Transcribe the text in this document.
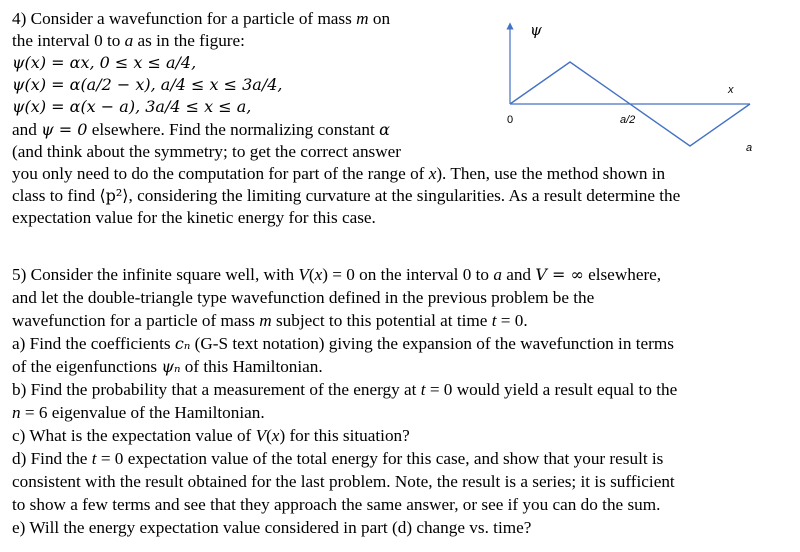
4) Consider a wavefunction for a particle of mass m on
the interval 0 to a as in the figure:
ψ(x) = αx, 0 ≤ x ≤ a/4,
ψ(x) = α(a/2 − x), a/4 ≤ x ≤ 3a/4,
ψ(x) = α(x − a), 3a/4 ≤ x ≤ a,
and ψ = 0 elsewhere. Find the normalizing constant α
(and think about the symmetry; to get the correct answer
you only need to do the computation for part of the range of x). Then, use the method shown in
class to find ⟨p²⟩, considering the limiting curvature at the singularities. As a result determine the
expectation value for the kinetic energy for this case.
ψ
x
0	a/2
a
5) Consider the infinite square well, with V(x) = 0 on the interval 0 to a and V = ∞ elsewhere,
and let the double-triangle type wavefunction defined in the previous problem be the
wavefunction for a particle of mass m subject to this potential at time t = 0.
a) Find the coefficients cₙ (G-S text notation) giving the expansion of the wavefunction in terms
of the eigenfunctions ψₙ of this Hamiltonian.
b) Find the probability that a measurement of the energy at t = 0 would yield a result equal to the
n = 6 eigenvalue of the Hamiltonian.
c) What is the expectation value of V(x) for this situation?
d) Find the t = 0 expectation value of the total energy for this case, and show that your result is
consistent with the result obtained for the last problem. Note, the result is a series; it is sufficient
to show a few terms and see that they approach the same answer, or see if you can do the sum.
e) Will the energy expectation value considered in part (d) change vs. time?
